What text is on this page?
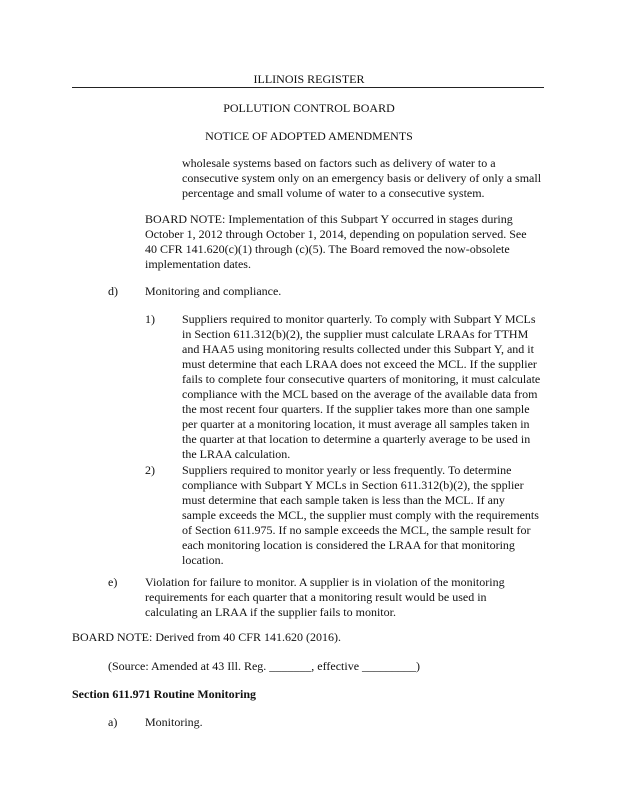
ILLINOIS REGISTER
POLLUTION CONTROL BOARD
NOTICE OF ADOPTED AMENDMENTS

wholesale systems based on factors such as delivery of water to a

consecutive system only on an emergency basis or delivery of only a small

percentage and small volume of water to a consecutive system.

BOARD NOTE: Implementation of this Subpart Y occurred in stages during

October 1, 2012 through October 1, 2014, depending on population served. See

40 CFR 141.620(c)(1) through (c)(5). The Board removed the now-obsolete

implementation dates.

d) Monitoring and compliance.
1) Suppliers required to monitor quarterly. To comply with Subpart Y MCLs

in Section 611.312(b)(2), the supplier must calculate LRAAs for TTHM

and HAA5 using monitoring results collected under this Subpart Y, and it

must determine that each LRAA does not exceed the MCL. If the supplier

fails to complete four consecutive quarters of monitoring, it must calculate

compliance with the MCL based on the average of the available data from

the most recent four quarters. If the supplier takes more than one sample

per quarter at a monitoring location, it must average all samples taken in

the quarter at that location to determine a quarterly average to be used in

the LRAA calculation.

2) Suppliers required to monitor yearly or less frequently. To determine

compliance with Subpart Y MCLs in Section 611.312(b)(2), the s​pplier

must determine that each sample taken is less than the MCL. If any

sample exceeds the MCL, the supplier must comply with the requirements

of Section 611.975. If no sample exceeds the MCL, the sample result for

each monitoring location is considered the LRAA for that monitoring

location.

e) Violation for failure to monitor. A supplier is in violation of the monitoring

requirements for each quarter that a monitoring result would be used in

calculating an LRAA if the supplier fails to monitor.

BOARD NOTE: Derived from 40 CFR 141.620 (2016).
(Source: Amended at 43 Ill. Reg. _______, effective _________)
Section 611.971 Routine Monitoring
a) Monitoring.
